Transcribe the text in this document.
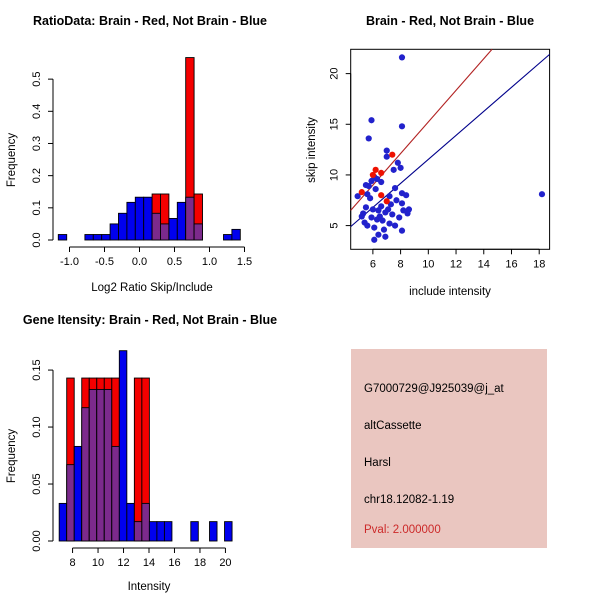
RatioData: Brain - Red, Not Brain - Blue
-1.0 -0.5 0.0 0.5 1.0 1.5
0.0
0.1
0.2
0.3
0.4
0.5
Log2 Ratio Skip/Include
Frequency
Brain - Red, Not Brain - Blue
6 8 10 12 14 16 18
5
10
15
20
include intensity
skip intensity
Gene Itensity: Brain - Red, Not Brain - Blue
8 10 12 14 16 18 20
0.00
0.05
0.10
0.15
Intensity
Frequency
G7000729@J925039@j_at
altCassette
Harsl
chr18.12082-1.19
Pval: 2.000000
